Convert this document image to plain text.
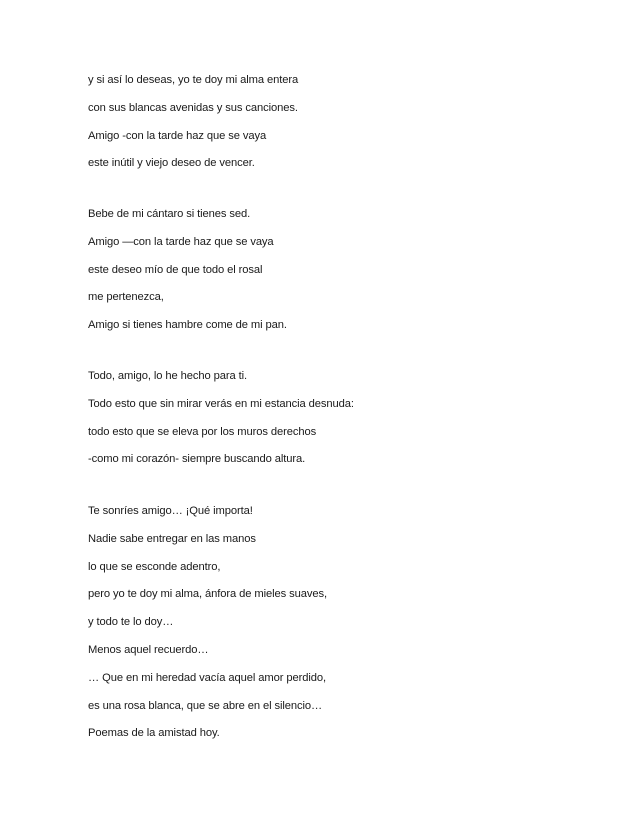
y si así lo deseas, yo te doy mi alma entera
con sus blancas avenidas y sus canciones.
Amigo -con la tarde haz que se vaya
este inútil y viejo deseo de vencer.
Bebe de mi cántaro si tienes sed.
Amigo —con la tarde haz que se vaya
este deseo mío de que todo el rosal
me pertenezca,
Amigo si tienes hambre come de mi pan.
Todo, amigo, lo he hecho para ti.
Todo esto que sin mirar verás en mi estancia desnuda:
todo esto que se eleva por los muros derechos
-como mi corazón- siempre buscando altura.
Te sonríes amigo… ¡Qué importa!
Nadie sabe entregar en las manos
lo que se esconde adentro,
pero yo te doy mi alma, ánfora de mieles suaves,
y todo te lo doy…
Menos aquel recuerdo…
… Que en mi heredad vacía aquel amor perdido,
es una rosa blanca, que se abre en el silencio…
Poemas de la amistad hoy.
